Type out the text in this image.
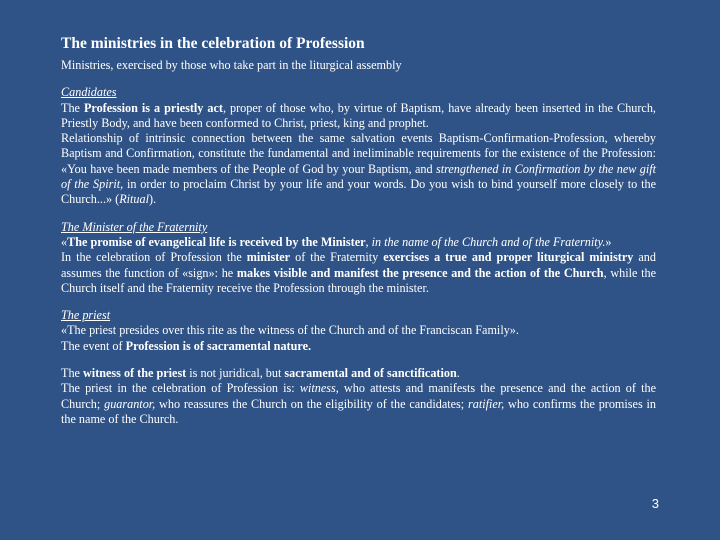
The ministries in the celebration of Profession
Ministries, exercised by those who take part in the liturgical assembly
Candidates

The Profession is a priestly act, proper of those who, by virtue of Baptism, have already been inserted in the Church, Priestly Body, and have been conformed to Christ, priest, king and prophet.

Relationship of intrinsic connection between the same salvation events Baptism-Confirmation-Profession, whereby Baptism and Confirmation, constitute the fundamental and ineliminable requirements for the existence of the Profession: «You have been made members of the People of God by your Baptism, and strengthened in Confirmation by the new gift of the Spirit, in order to proclaim Christ by your life and your words. Do you wish to bind yourself more closely to the Church...» (Ritual).

The Minister of the Fraternity

«The promise of evangelical life is received by the Minister, in the name of the Church and of the Fraternity.»

In the celebration of Profession the minister of the Fraternity exercises a true and proper liturgical ministry and assumes the function of «sign»: he makes visible and manifest the presence and the action of the Church, while the Church itself and the Fraternity receive the Profession through the minister.

The priest

«The priest presides over this rite as the witness of the Church and of the Franciscan Family».

The event of Profession is of sacramental nature.

The witness of the priest is not juridical, but sacramental and of sanctification.

The priest in the celebration of Profession is: witness, who attests and manifests the presence and the action of the Church; guarantor, who reassures the Church on the eligibility of the candidates; ratifier, who confirms the promises in the name of the Church.

3
